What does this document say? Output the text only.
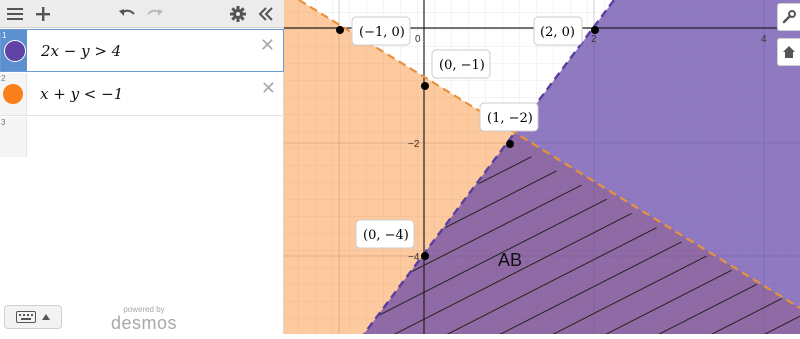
1
2x − y > 4	✕
2
x + y < −1	✕
3
powered by
desmos
0	2	4
−2
−4
(−1, 0)	(2, 0)
(0, −1)
(1, −2)
(0, −4)
AB
